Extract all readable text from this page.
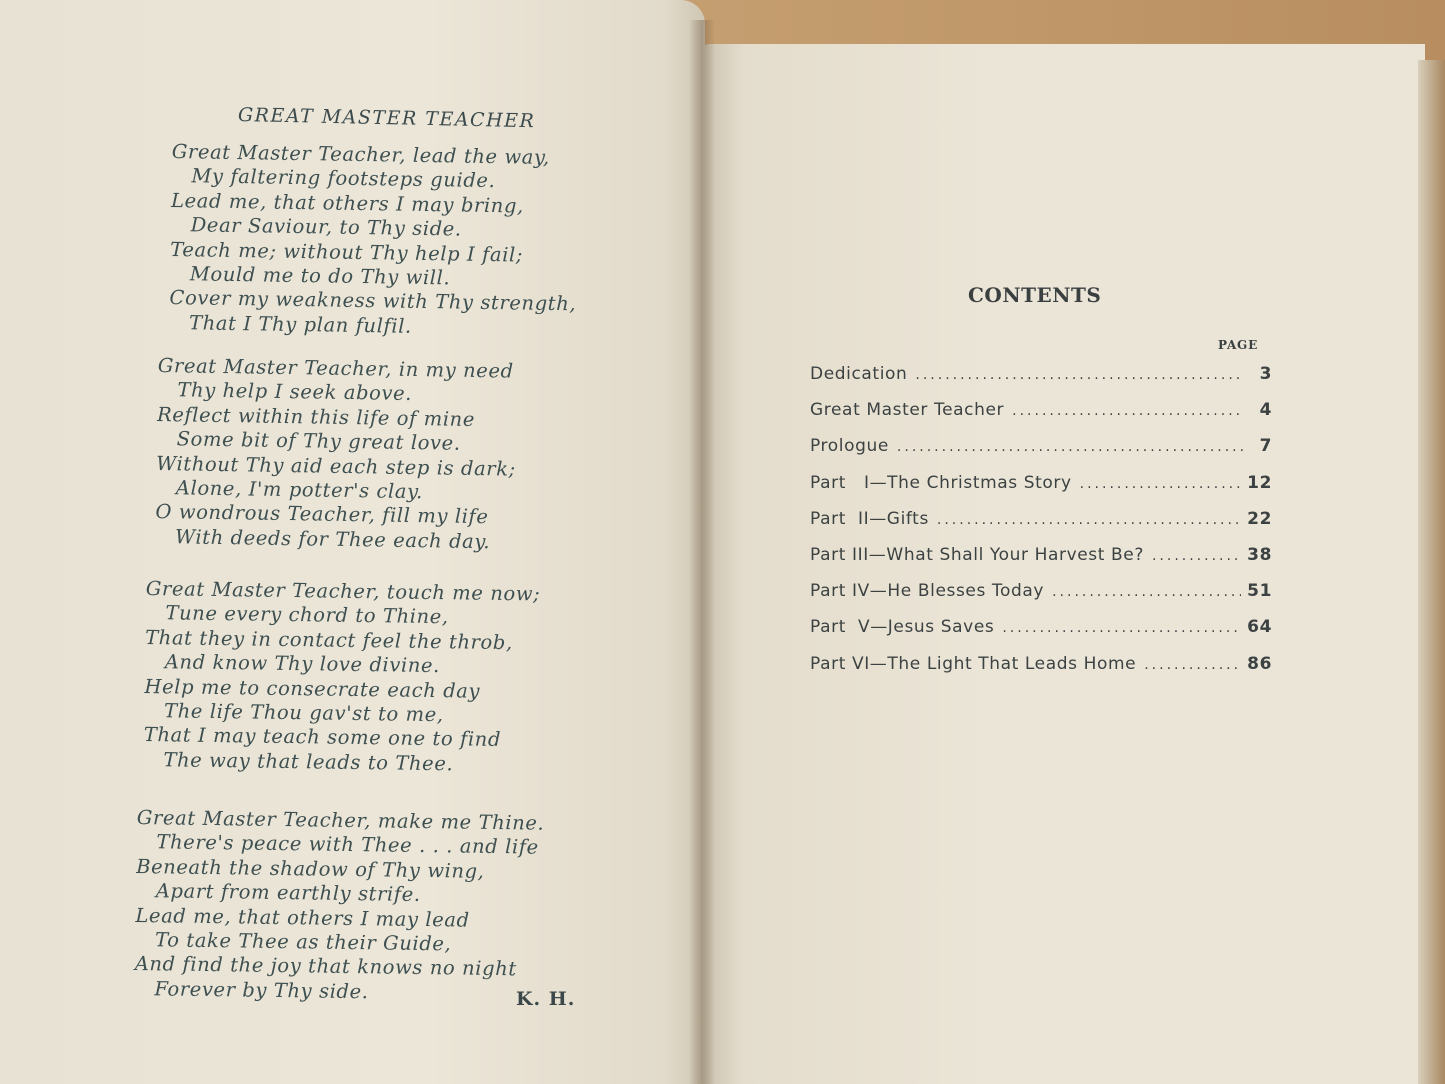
GREAT MASTER TEACHER
Great Master Teacher, lead the way,
My faltering footsteps guide.
Lead me, that others I may bring,
Dear Saviour, to Thy side.
Teach me; without Thy help I fail;
Mould me to do Thy will.
Cover my weakness with Thy strength,
That I Thy plan fulfil.
Great Master Teacher, in my need
Thy help I seek above.
Reflect within this life of mine
Some bit of Thy great love.
Without Thy aid each step is dark;
Alone, I'm potter's clay.
O wondrous Teacher, fill my life
With deeds for Thee each day.
Great Master Teacher, touch me now;
Tune every chord to Thine,
That they in contact feel the throb,
And know Thy love divine.
Help me to consecrate each day
The life Thou gav'st to me,
That I may teach some one to find
The way that leads to Thee.
Great Master Teacher, make me Thine.
There's peace with Thee . . . and life
Beneath the shadow of Thy wing,
Apart from earthly strife.
Lead me, that others I may lead
To take Thee as their Guide,
And find the joy that knows no night
Forever by Thy side.	K. H.
CONTENTS
PAGE
Dedication .....	3
Great Master Teacher .....	4
Prologue .....	7
Part   I—The Christmas Story .....	12
Part  II—Gifts .....	22
Part III—What Shall Your Harvest Be? .....	38
Part IV—He Blesses Today .....	51
Part  V—Jesus Saves .....	64
Part VI—The Light That Leads Home .....	86
